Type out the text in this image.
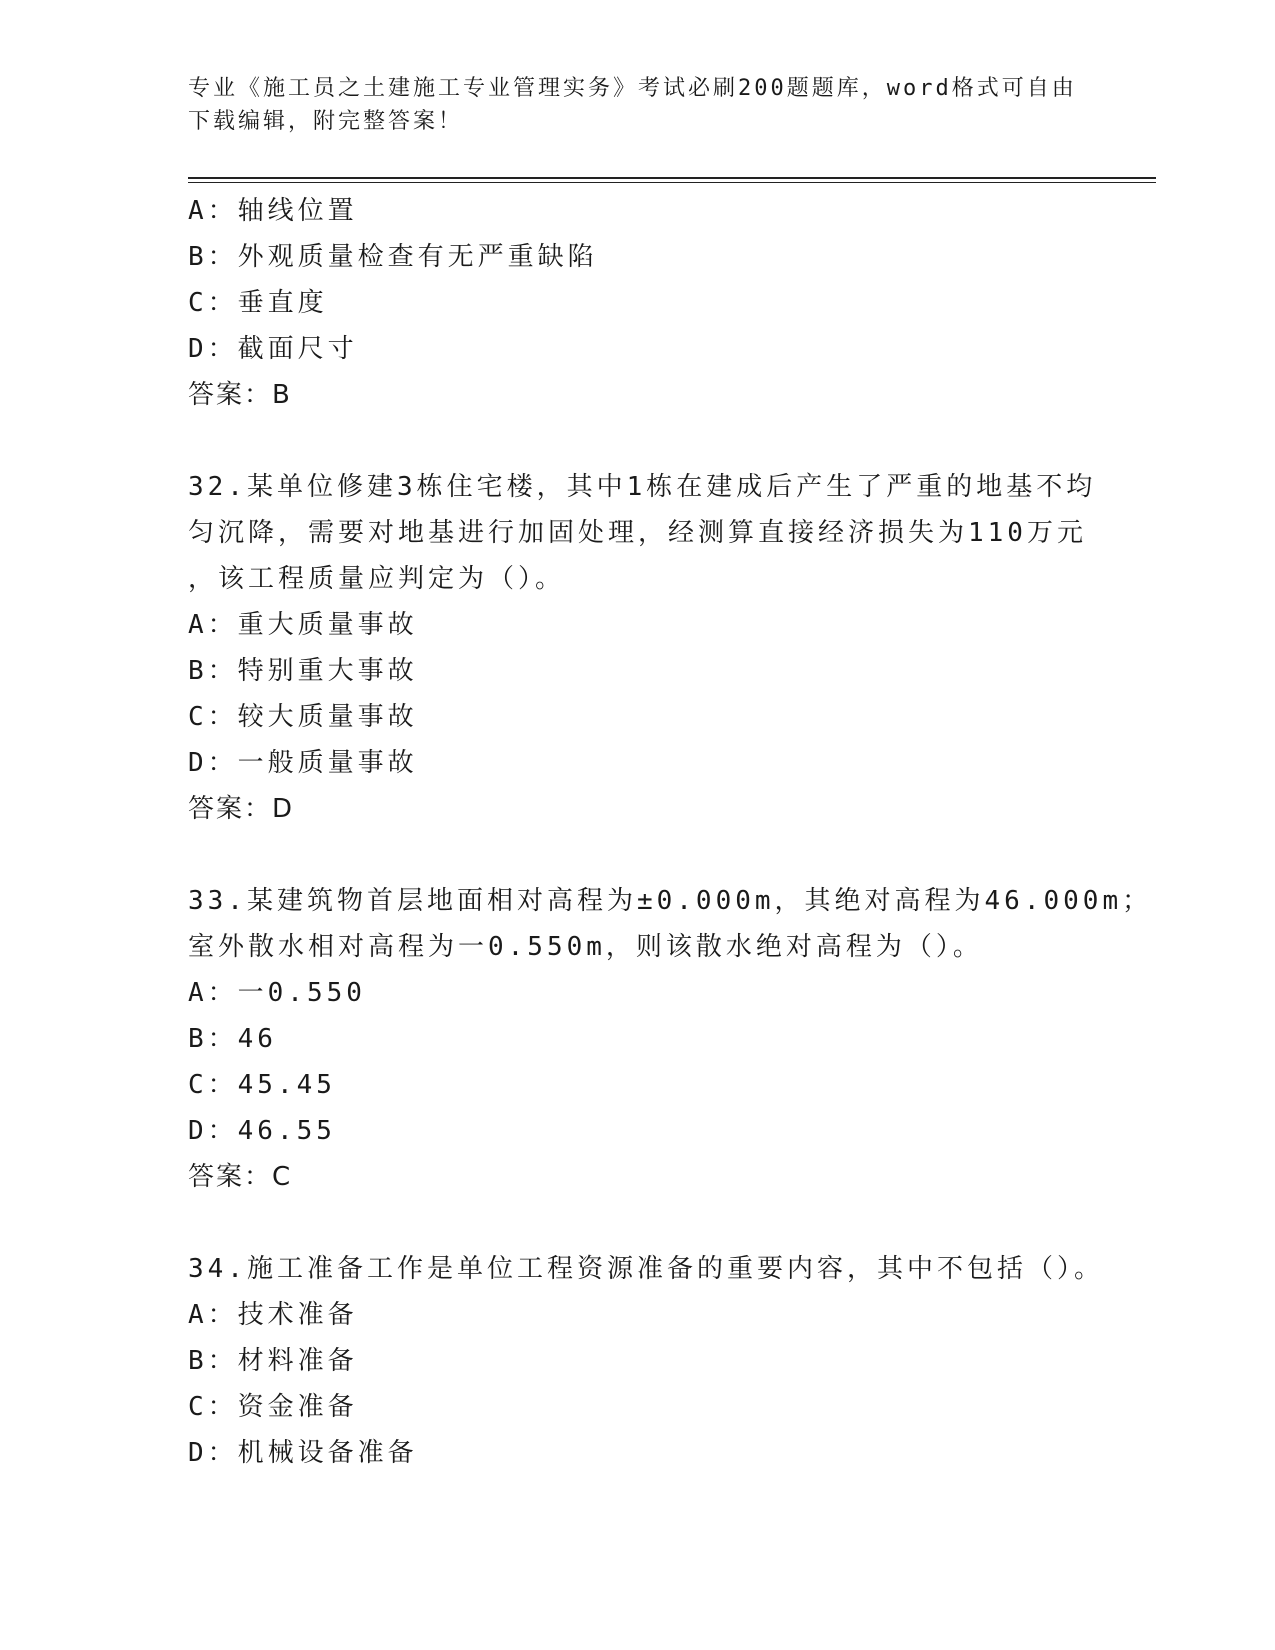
专业《施工员之土建施工专业管理实务》考试必刷200题题库，word格式可自由
下载编辑，附完整答案！
A：轴线位置
B：外观质量检查有无严重缺陷
C：垂直度
D：截面尺寸
答案：B
32.某单位修建3栋住宅楼，其中1栋在建成后产生了严重的地基不均
匀沉降，需要对地基进行加固处理，经测算直接经济损失为110万元
，该工程质量应判定为（）。
A：重大质量事故
B：特别重大事故
C：较大质量事故
D：一般质量事故
答案：D
33.某建筑物首层地面相对高程为±0.000m，其绝对高程为46.000m；
室外散水相对高程为一0.550m，则该散水绝对高程为（）。
A：一0.550
B：46
C：45.45
D：46.55
答案：C
34.施工准备工作是单位工程资源准备的重要内容，其中不包括（）。
A：技术准备
B：材料准备
C：资金准备
D：机械设备准备
